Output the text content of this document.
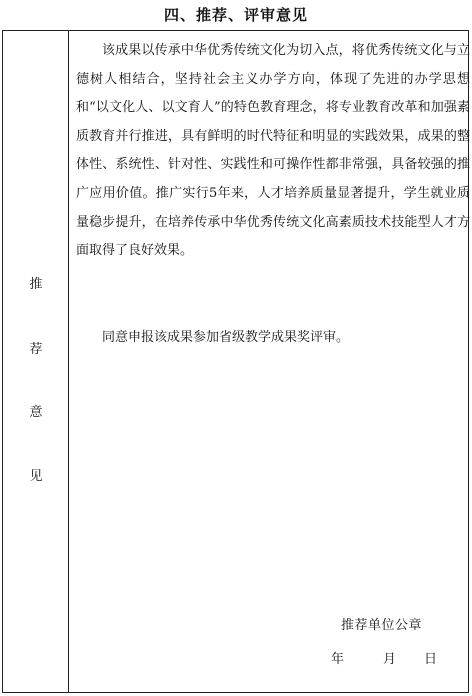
四、推荐、评审意见
推
荐
意
见

该成果以传承中华优秀传统文化为切入点，将优秀传统文化与立德树人相结合，坚持社会主义办学方向，体现了先进的办学思想和“以文化人、以文育人”的特色教育理念，将专业教育改革和加强素质教育并行推进，具有鲜明的时代特征和明显的实践效果，成果的整体性、系统性、针对性、实践性和可操作性都非常强，具备较强的推广应用价值。推广实行5年来，人才培养质量显著提升，学生就业质量稳步提升，在培养传承中华优秀传统文化高素质技术技能型人才方面取得了良好效果。

同意申报该成果参加省级教学成果奖评审。

推荐单位公章
年	月 日
